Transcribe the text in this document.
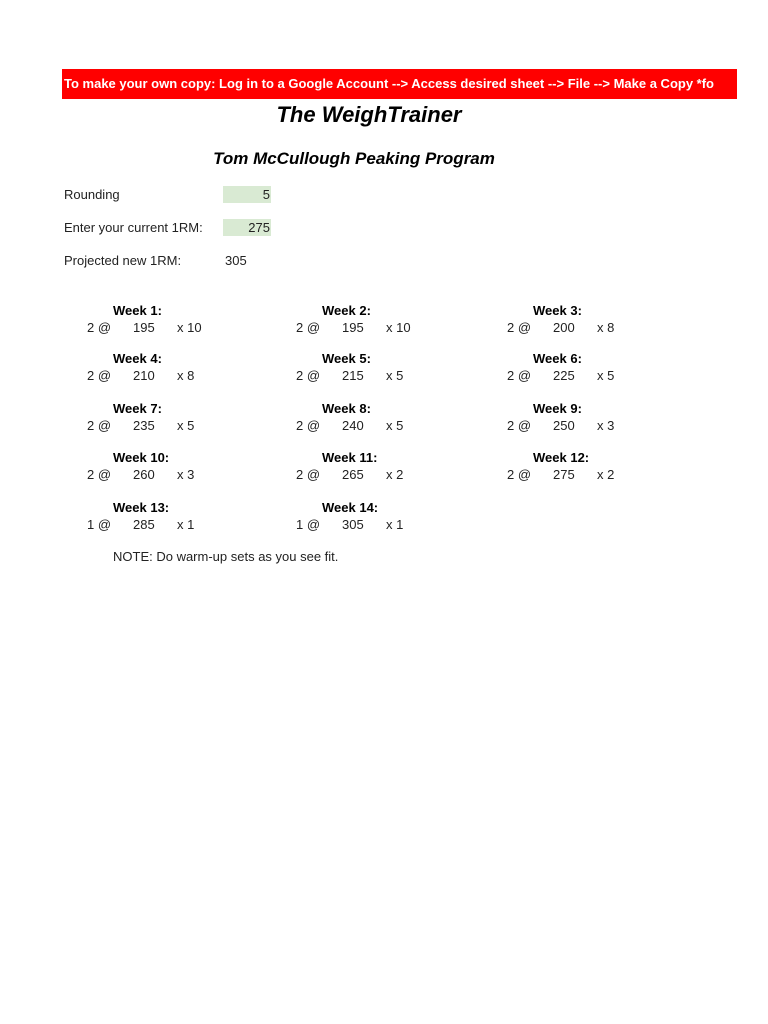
To make your own copy: Log in to a Google Account --> Access desired sheet --> File --> Make a Copy *fo
The WeighTrainer
Tom McCullough Peaking Program
Rounding	5
Enter your current 1RM:	275
Projected new 1RM:	305
Week 1:
2 @ 195 x 10
Week 2:
2 @ 195 x 10
Week 3:
2 @ 200 x 8
Week 4:
2 @ 210 x 8
Week 5:
2 @ 215 x 5
Week 6:
2 @ 225 x 5
Week 7:
2 @ 235 x 5
Week 8:
2 @ 240 x 5
Week 9:
2 @ 250 x 3
Week 10:
2 @ 260 x 3
Week 11:
2 @ 265 x 2
Week 12:
2 @ 275 x 2
Week 13:
1 @ 285 x 1
Week 14:
1 @ 305 x 1
NOTE: Do warm-up sets as you see fit.
